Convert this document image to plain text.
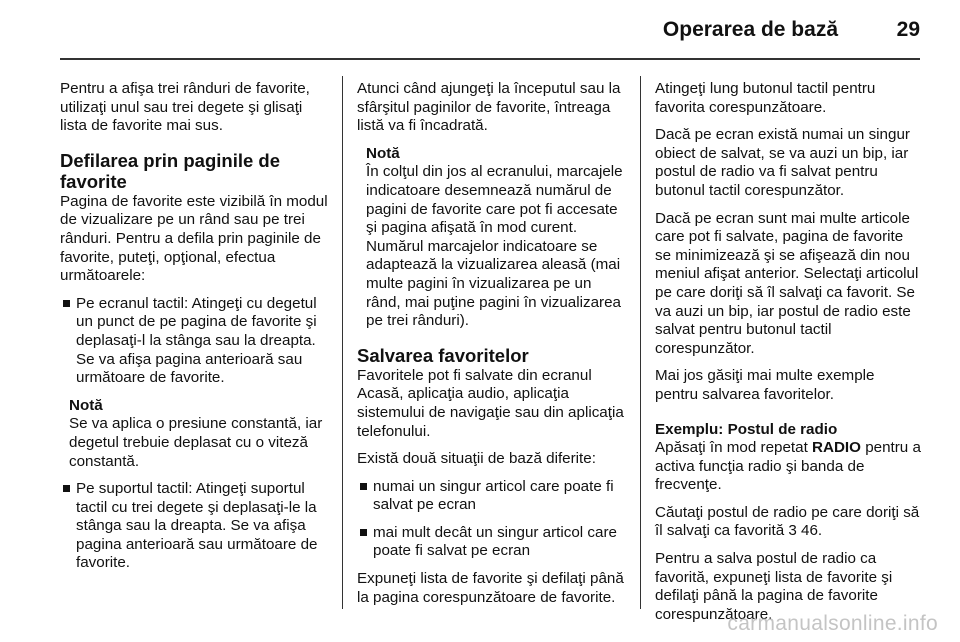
Operarea de bază	29

Pentru a afişa trei rânduri de favorite, utilizaţi unul sau trei degete şi glisaţi lista de favorite mai sus.

Defilarea prin paginile de favorite

Pagina de favorite este vizibilă în modul de vizualizare pe un rând sau pe trei rânduri. Pentru a defila prin paginile de favorite, puteţi, opţional, efectua următoarele:

Pe ecranul tactil: Atingeţi cu degetul un punct de pe pagina de favorite şi deplasaţi-l la stânga sau la dreapta. Se va afişa pagina anterioară sau următoare de favorite.
Notă
Se va aplica o presiune constantă, iar degetul trebuie deplasat cu o viteză constantă.
Pe suportul tactil: Atingeţi suportul tactil cu trei degete şi deplasaţi-le la stânga sau la dreapta. Se va afişa pagina anterioară sau următoare de favorite.

Atunci când ajungeţi la începutul sau la sfârşitul paginilor de favorite, întreaga listă va fi încadrată.

Notă
În colţul din jos al ecranului, marcajele indicatoare desemnează numărul de pagini de favorite care pot fi accesate şi pagina afişată în mod curent. Numărul marcajelor indicatoare se adaptează la vizualizarea aleasă (mai multe pagini în vizualizarea pe un rând, mai puţine pagini în vizualizarea pe trei rânduri).
Salvarea favoritelor

Favoritele pot fi salvate din ecranul Acasă, aplicaţia audio, aplicaţia sistemului de navigaţie sau din aplicaţia telefonului.

Există două situaţii de bază diferite:

numai un singur articol care poate fi salvat pe ecran
mai mult decât un singur articol care poate fi salvat pe ecran

Expuneţi lista de favorite şi defilaţi până la pagina corespunzătoare de favorite.

Atingeţi lung butonul tactil pentru favorita corespunzătoare.

Dacă pe ecran există numai un singur obiect de salvat, se va auzi un bip, iar postul de radio va fi salvat pentru butonul tactil corespunzător.

Dacă pe ecran sunt mai multe articole care pot fi salvate, pagina de favorite se minimizează şi se afişează din nou meniul afişat anterior. Selectaţi articolul pe care doriţi să îl salvaţi ca favorit. Se va auzi un bip, iar postul de radio este salvat pentru butonul tactil corespunzător.

Mai jos găsiţi mai multe exemple pentru salvarea favoritelor.

Exemplu: Postul de radio

Apăsaţi în mod repetat RADIO pentru a activa funcţia radio şi banda de frecvenţe.

Căutaţi postul de radio pe care doriţi să îl salvaţi ca favorită 3 46.

Pentru a salva postul de radio ca favorită, expuneţi lista de favorite şi defilaţi până la pagina de favorite corespunzătoare.

carmanualsonline.info
